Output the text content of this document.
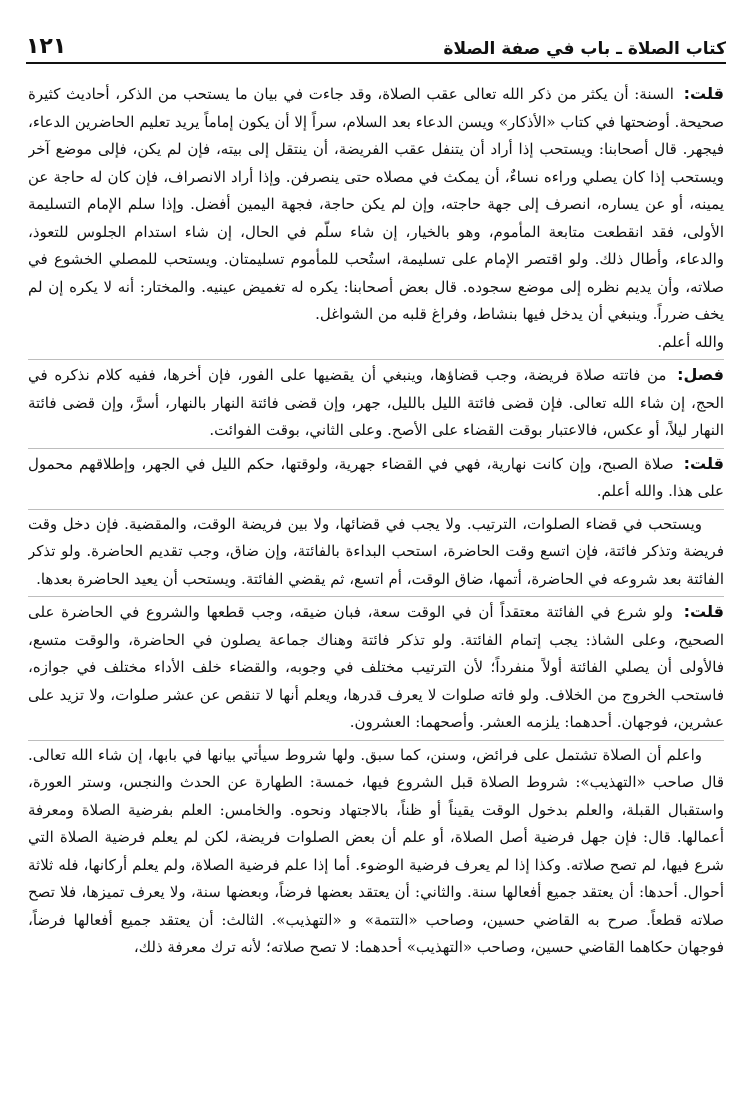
كتاب الصلاة ـ باب في صفة الصلاة
١٢١

قلت: السنة: أن يكثر من ذكر الله تعالى عقب الصلاة، وقد جاءت في بيان ما يستحب من الذكر، أحاديث كثيرة صحيحة. أوضحتها في كتاب «الأذكار» ويسن الدعاء بعد السلام، سراً إلا أن يكون إماماً يريد تعليم الحاضرين الدعاء، فيجهر. قال أصحابنا: ويستحب إذا أراد أن يتنفل عقب الفريضة، أن ينتقل إلى بيته، فإن لم يكن، فإلى موضع آخر ويستحب إذا كان يصلي وراءه نساءٌ، أن يمكث في مصلاه حتى ينصرفن. وإذا أراد الانصراف، فإن كان له حاجة عن يمينه، أو عن يساره، انصرف إلى جهة حاجته، وإن لم يكن حاجة، فجهة اليمين أفضل. وإذا سلم الإمام التسليمة الأولى، فقد انقطعت متابعة المأموم، وهو بالخيار، إن شاء سلّم في الحال، إن شاء استدام الجلوس للتعوذ، والدعاء، وأطال ذلك. ولو اقتصر الإمام على تسليمة، استُحب للمأموم تسليمتان. ويستحب للمصلي الخشوع في صلاته، وأن يديم نظره إلى موضع سجوده. قال بعض أصحابنا: يكره له تغميض عينيه. والمختار: أنه لا يكره إن لم يخف ضرراً. وينبغي أن يدخل فيها بنشاط، وفراغ قلبه من الشواغل.
والله أعلم.

فصل: من فاتته صلاة فريضة، وجب قضاؤها، وينبغي أن يقضيها على الفور، فإن أخرها، ففيه كلام نذكره في الحج، إن شاء الله تعالى. فإن قضى فائتة الليل بالليل، جهر، وإن قضى فائتة النهار بالنهار، أسرَّ، وإن قضى فائتة النهار ليلاً، أو عكس، فالاعتبار بوقت القضاء على الأصح. وعلى الثاني، بوقت الفوائت.

قلت: صلاة الصبح، وإن كانت نهارية، فهي في القضاء جهرية، ولوقتها، حكم الليل في الجهر، وإطلاقهم محمول على هذا. والله أعلم.

ويستحب في قضاء الصلوات، الترتيب. ولا يجب في قضائها، ولا بين فريضة الوقت، والمقضية. فإن دخل وقت فريضة وتذكر فائتة، فإن اتسع وقت الحاضرة، استحب البداءة بالفائتة، وإن ضاق، وجب تقديم الحاضرة. ولو تذكر الفائتة بعد شروعه في الحاضرة، أتمها، ضاق الوقت، أم اتسع، ثم يقضي الفائتة. ويستحب أن يعيد الحاضرة بعدها.

قلت: ولو شرع في الفائتة معتقداً أن في الوقت سعة، فبان ضيقه، وجب قطعها والشروع في الحاضرة على الصحيح، وعلى الشاذ: يجب إتمام الفائتة. ولو تذكر فائتة وهناك جماعة يصلون في الحاضرة، والوقت متسع، فالأولى أن يصلي الفائتة أولاً منفرداً؛ لأن الترتيب مختلف في وجوبه، والقضاء خلف الأداء مختلف في جوازه، فاستحب الخروج من الخلاف. ولو فاته صلوات لا يعرف قدرها، ويعلم أنها لا تنقص عن عشر صلوات، ولا تزيد على عشرين، فوجهان. أحدهما: يلزمه العشر. وأصحهما: العشرون.

واعلم أن الصلاة تشتمل على فرائض، وسنن، كما سبق. ولها شروط سيأتي بيانها في بابها، إن شاء الله تعالى. قال صاحب «التهذيب»: شروط الصلاة قبل الشروع فيها، خمسة: الطهارة عن الحدث والنجس، وستر العورة، واستقبال القبلة، والعلم بدخول الوقت يقيناً أو ظناً، بالاجتهاد ونحوه. والخامس: العلم بفرضية الصلاة ومعرفة أعمالها. قال: فإن جهل فرضية أصل الصلاة، أو علم أن بعض الصلوات فريضة، لكن لم يعلم فرضية الصلاة التي شرع فيها، لم تصح صلاته. وكذا إذا لم يعرف فرضية الوضوء. أما إذا علم فرضية الصلاة، ولم يعلم أركانها، فله ثلاثة أحوال. أحدها: أن يعتقد جميع أفعالها سنة. والثاني: أن يعتقد بعضها فرضاً، وبعضها سنة، ولا يعرف تميزها، فلا تصح صلاته قطعاً. صرح به القاضي حسين، وصاحب «التتمة» و «التهذيب». الثالث: أن يعتقد جميع أفعالها فرضاً، فوجهان حكاهما القاضي حسين، وصاحب «التهذيب» أحدهما: لا تصح صلاته؛ لأنه ترك معرفة ذلك،
